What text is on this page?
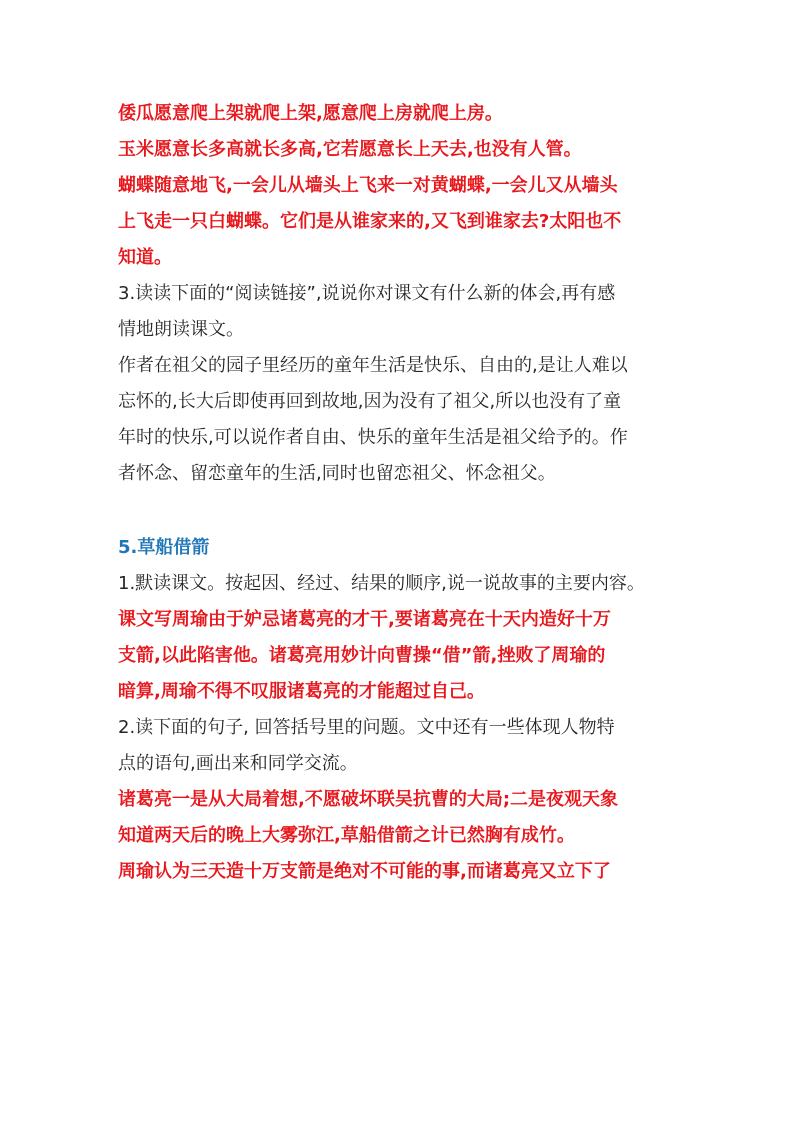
倭瓜愿意爬上架就爬上架,愿意爬上房就爬上房。

玉米愿意长多高就长多高,它若愿意长上天去,也没有人管。

蝴蝶随意地飞,一会儿从墙头上飞来一对黄蝴蝶,一会儿又从墙头

上飞走一只白蝴蝶。它们是从谁家来的,又飞到谁家去?太阳也不

知道。

3.读读下面的“阅读链接”,说说你对课文有什么新的体会,再有感

情地朗读课文。

作者在祖父的园子里经历的童年生活是快乐、自由的,是让人难以

忘怀的,长大后即使再回到故地,因为没有了祖父,所以也没有了童

年时的快乐,可以说作者自由、快乐的童年生活是祖父给予的。作

者怀念、留恋童年的生活,同时也留恋祖父、怀念祖父。

5.草船借箭

1.默读课文。按起因、经过、结果的顺序,说一说故事的主要内容。

课文写周瑜由于妒忌诸葛亮的才干,要诸葛亮在十天内造好十万

支箭,以此陷害他。诸葛亮用妙计向曹操“借”箭,挫败了周瑜的

暗算,周瑜不得不叹服诸葛亮的才能超过自己。

2.读下面的句子, 回答括号里的问题。文中还有一些体现人物特

点的语句,画出来和同学交流。

诸葛亮一是从大局着想,不愿破坏联吴抗曹的大局;二是夜观天象

知道两天后的晚上大雾弥江,草船借箭之计已然胸有成竹。

周瑜认为三天造十万支箭是绝对不可能的事,而诸葛亮又立下了
